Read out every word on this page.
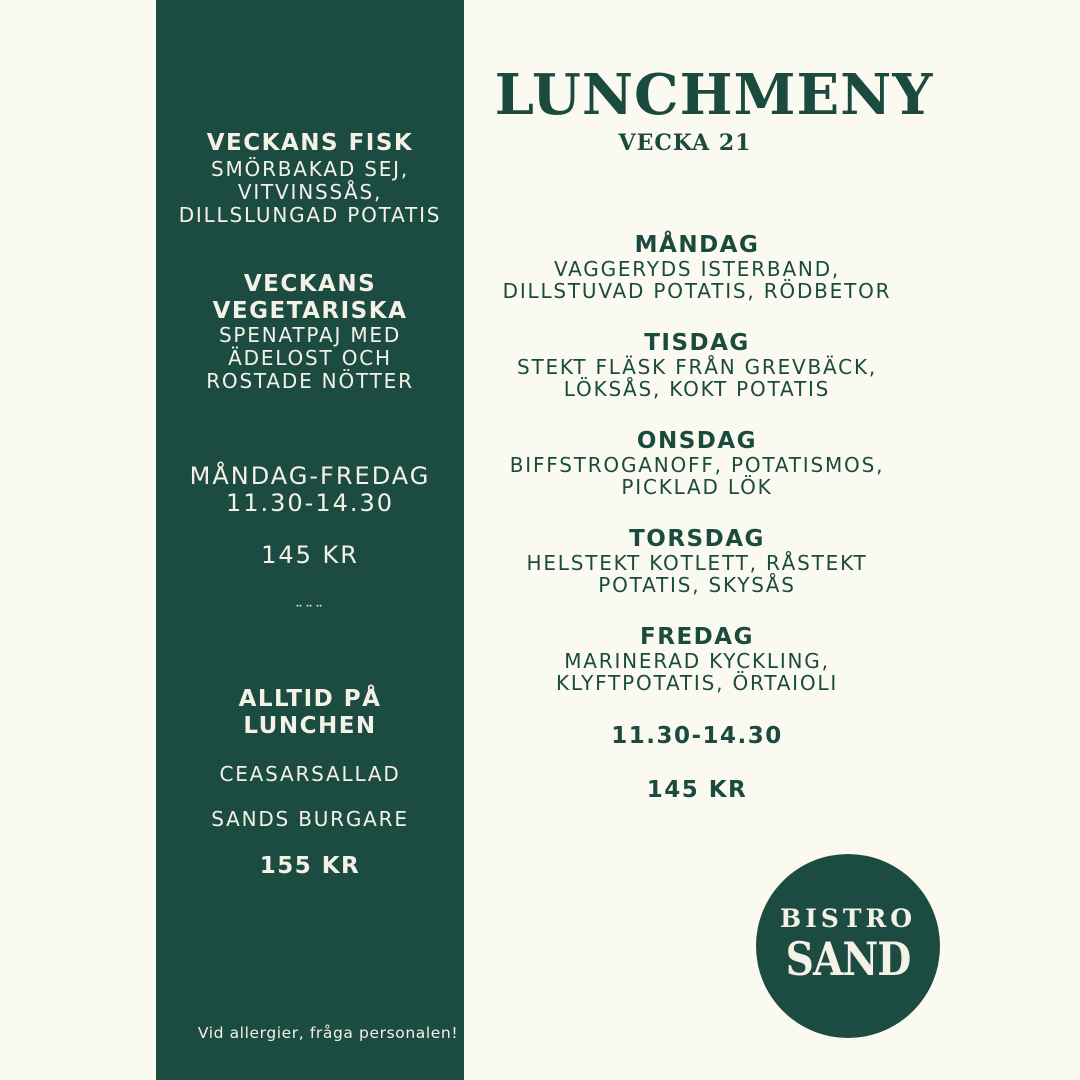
VECKANS FISK
SMÖRBAKAD SEJ,
VITVINSSÅS,
DILLSLUNGAD POTATIS
VECKANS
VEGETARISKA
SPENATPAJ MED
ÄDELOST OCH
ROSTADE NÖTTER
MÅNDAG-FREDAG
11.30-14.30
145 KR
¨¨¨
ALLTID PÅ
LUNCHEN
CEASARSALLAD
SANDS BURGARE
155 KR
Vid allergier, fråga personalen!
LUNCHMENY
VECKA 21
MÅNDAG
VAGGERYDS ISTERBAND,
DILLSTUVAD POTATIS, RÖDBETOR
TISDAG
STEKT FLÄSK FRÅN GREVBÄCK,
LÖKSÅS, KOKT POTATIS
ONSDAG
BIFFSTROGANOFF, POTATISMOS,
PICKLAD LÖK
TORSDAG
HELSTEKT KOTLETT, RÅSTEKT
POTATIS, SKYSÅS
FREDAG
MARINERAD KYCKLING,
KLYFTPOTATIS, ÖRTAIOLI
11.30-14.30
145 KR
BISTRO
SAND
